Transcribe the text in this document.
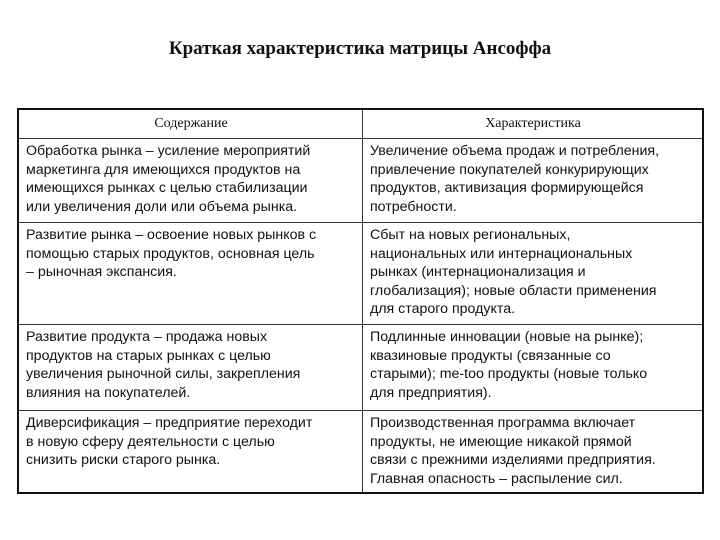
Краткая характеристика матрицы Ансоффа
Содержание	Характеристика

Обработка рынка – усиление мероприятий
маркетинга для имеющихся продуктов на
имеющихся рынках с целью стабилизации
или увеличения доли или объема рынка.	Увеличение объема продаж и потребления,
привлечение покупателей конкурирующих
продуктов, активизация формирующейся
потребности.

Развитие рынка – освоение новых рынков с
помощью старых продуктов, основная цель
– рыночная экспансия.	Сбыт на новых региональных,
национальных или интернациональных
рынках (интернационализация и
глобализация); новые области применения
для старого продукта.

Развитие продукта – продажа новых
продуктов на старых рынках с целью
увеличения рыночной силы, закрепления
влияния на покупателей.	Подлинные инновации (новые на рынке);
квазиновые продукты (связанные со
старыми); me-too продукты (новые только
для предприятия).

Диверсификация – предприятие переходит
в новую сферу деятельности с целью
снизить риски старого рынка.	Производственная программа включает
продукты, не имеющие никакой прямой
связи с прежними изделиями предприятия.
Главная опасность – распыление сил.
